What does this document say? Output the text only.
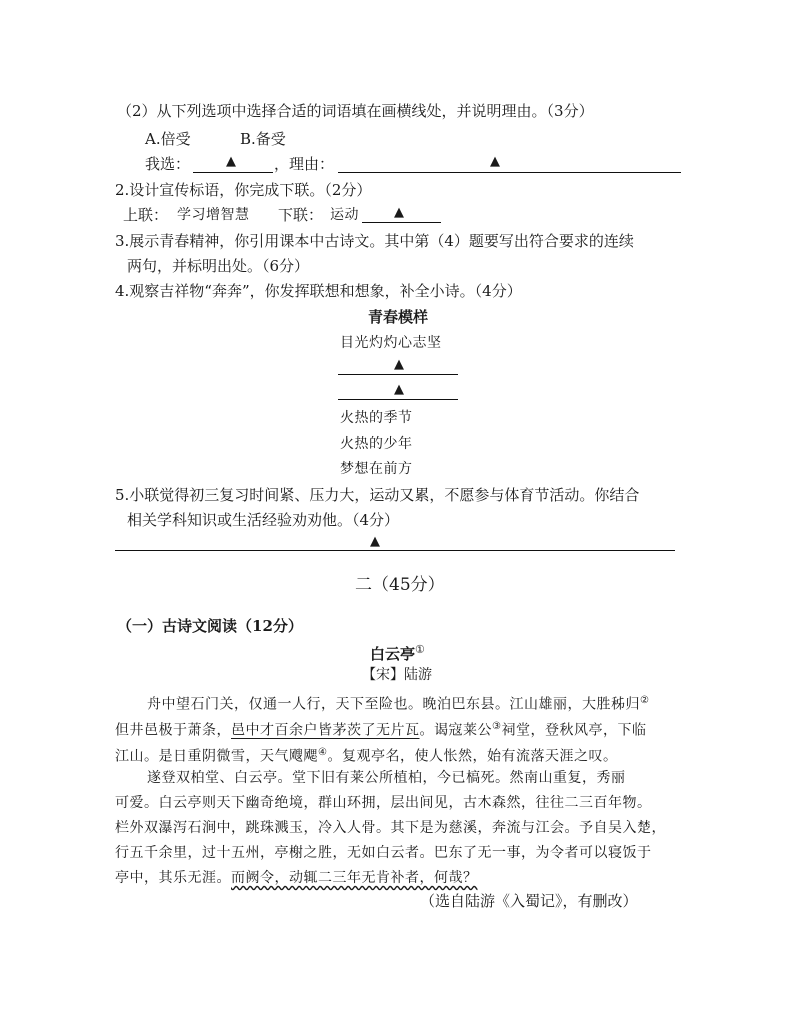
（2）从下列选项中选择合适的词语填在画横线处，并说明理由。（3分）
A.倍受	B.备受
我选：	▲	，理由：	▲
2.设计宣传标语，你完成下联。（2分）
上联： 学习增智慧 下联： 运动	▲
3.展示青春精神，你引用课本中古诗文。其中第（4）题要写出符合要求的连续
两句，并标明出处。（6分）
4.观察吉祥物“奔奔”，你发挥联想和想象，补全小诗。（4分）
青春模样
目光灼灼心志坚
▲
▲
火热的季节
火热的少年
梦想在前方
5.小联觉得初三复习时间紧、压力大，运动又累，不愿参与体育节活动。你结合
相关学科知识或生活经验劝劝他。（4分）
▲
二（45分）
（一）古诗文阅读（12分）
白云亭①
【宋】陆游
舟中望石门关，仅通一人行，天下至险也。晚泊巴东县。江山雄丽，大胜秭归②
但井邑极于萧条，邑中才百余户皆茅茨了无片瓦。谒寇莱公③祠堂，登秋风亭，下临
江山。是日重阴微雪，天气飕飔④。复观亭名，使人怅然，始有流落天涯之叹。
遂登双柏堂、白云亭。堂下旧有莱公所植柏，今已槁死。然南山重复，秀丽
可爱。白云亭则天下幽奇绝境，群山环拥，层出间见，古木森然，往往二三百年物。
栏外双瀑泻石涧中，跳珠溅玉，冷入人骨。其下是为慈溪，奔流与江会。予自吴入楚，
行五千余里，过十五州，亭榭之胜，无如白云者。巴东了无一事，为令者可以寝饭于
亭中，其乐无涯。而阙令，动辄二三年无肯补者，何哉？
（选自陆游《入蜀记》，有删改）
